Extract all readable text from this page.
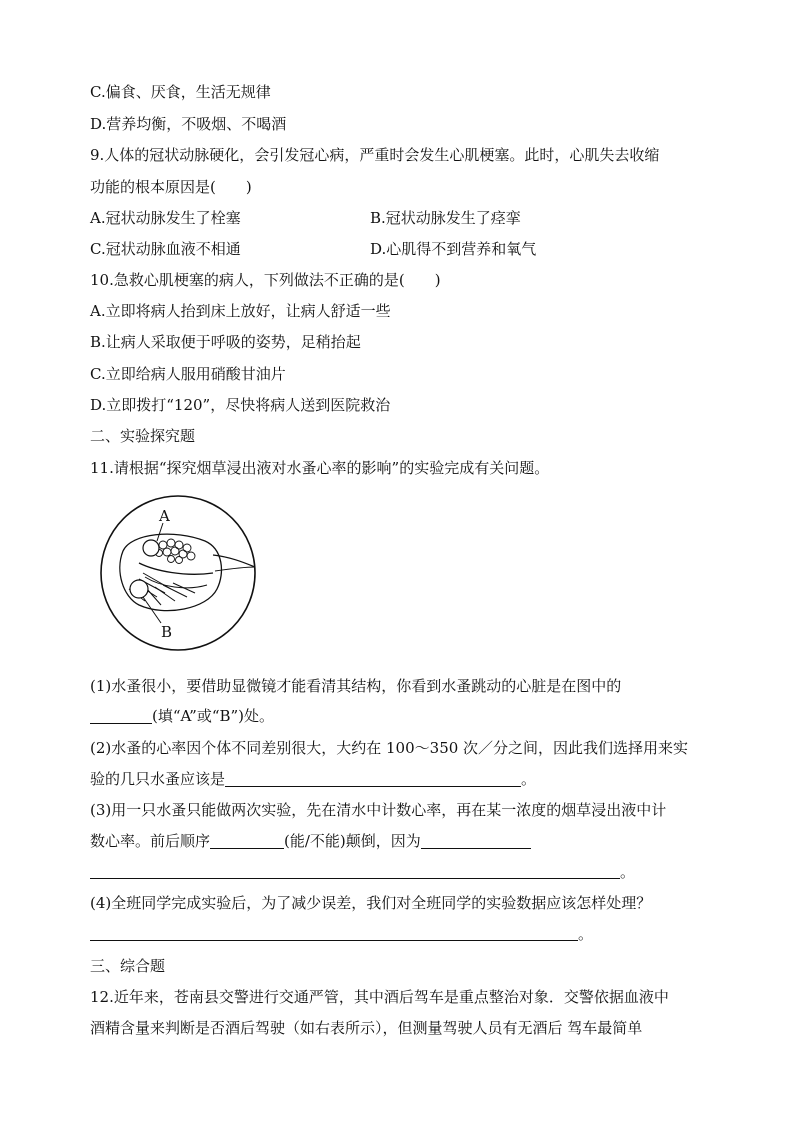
C.偏食、厌食，生活无规律
D.营养均衡，不吸烟、不喝酒
9.人体的冠状动脉硬化，会引发冠心病，严重时会发生心肌梗塞。此时，心肌失去收缩
功能的根本原因是(　　)
A.冠状动脉发生了栓塞	B.冠状动脉发生了痉挛
C.冠状动脉血液不相通	D.心肌得不到营养和氧气
10.急救心肌梗塞的病人，下列做法不正确的是(　　)
A.立即将病人抬到床上放好，让病人舒适一些
B.让病人采取便于呼吸的姿势，足稍抬起
C.立即给病人服用硝酸甘油片
D.立即拨打“120”，尽快将病人送到医院救治
二、实验探究题
11.请根据“探究烟草浸出液对水蚤心率的影响”的实验完成有关问题。
A
B
(1)水蚤很小，要借助显微镜才能看清其结构，你看到水蚤跳动的心脏是在图中的
(填“A”或“B”)处。
(2)水蚤的心率因个体不同差别很大，大约在 100～350 次／分之间，因此我们选择用来实
验的几只水蚤应该是	。
(3)用一只水蚤只能做两次实验，先在清水中计数心率，再在某一浓度的烟草浸出液中计
数心率。前后顺序	(能/不能)颠倒，因为
。
(4)全班同学完成实验后，为了减少误差，我们对全班同学的实验数据应该怎样处理？
。
三、综合题
12.近年来，苍南县交警进行交通严管，其中酒后驾车是重点整治对象．交警依据血液中
酒精含量来判断是否酒后驾驶（如右表所示），但测量驾驶人员有无酒后 驾车最简单
